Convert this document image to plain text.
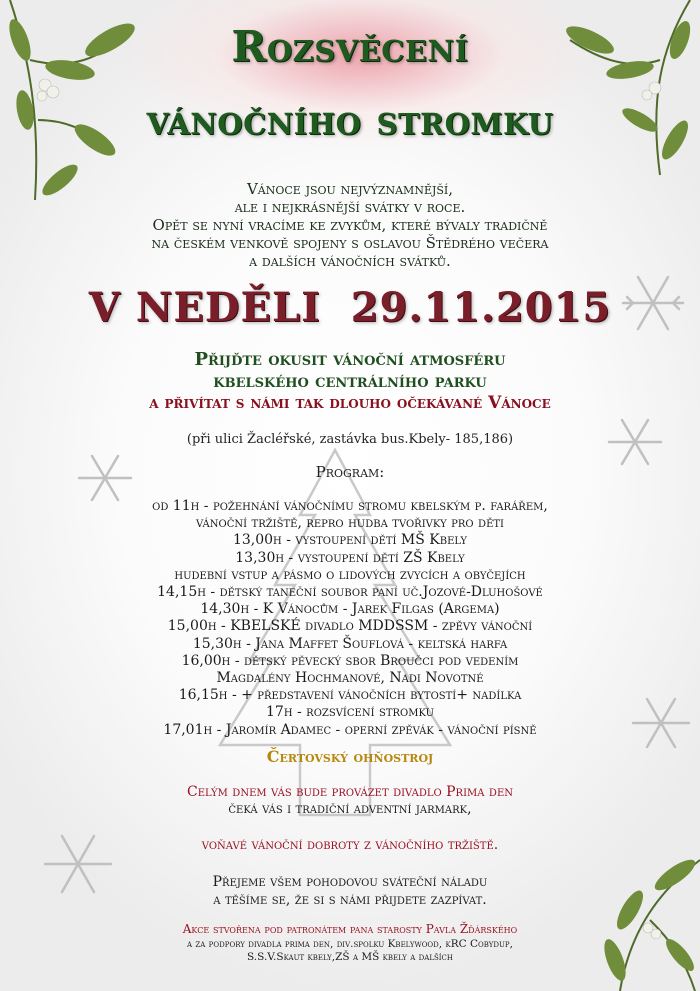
Rozsvěcení
vánočního stromku
Vánoce jsou nejvýznamnější,
ale i nejkrásnější svátky v roce.
Opět se nyní vracíme ke zvykům, které bývaly tradičně
na českém venkově spojeny s oslavou Štědrého večera
a dalších vánočních svátků.
V NEDĚLI  29.11.2015
Přijďte okusit vánoční atmosféru
kbelského centrálního parku
a přivítat s námi tak dlouho očekávané Vánoce
(při ulici Žacléřské, zastávka bus.Kbely- 185,186)
Program:
od 11h - požehnání vánočnímu stromu kbelským p. farářem,
vánoční tržiště, repro hudba tvořivky pro děti
13,00h - vystoupení dětí MŠ Kbely
13,30h - vystoupení dětí ZŠ Kbely
hudební vstup a pásmo o lidových zvycích a obyčejích
14,15h - dětský taneční soubor paní uč.Jozové-Dluhošové
14,30h - K Vánocům - Jarek Filgas (Argema)
15,00h - KBELSKÉ divadlo MDDSSM - zpěvy vánoční
15,30h - Jana Maffet Šouflová - keltská harfa
16,00h - dětský pěvecký sbor Broučci pod vedením
Magdalény Hochmanové, Nadi Novotné
16,15h - + představení vánočních bytostí+ nadílka
17h - rozsvícení stromku
17,01h - Jaromír Adamec - operní zpěvák - vánoční písně
Čertovský ohňostroj
Celým dnem vás bude provázet divadlo Prima den
čeká vás i tradiční adventní jarmark,
voňavé vánoční dobroty z vánočního tržiště.
Přejeme všem pohodovou sváteční náladu
a těšíme se, že si s námi přijdete zazpívat.
Akce stvořena pod patronátem pana starosty Pavla Žďárského
a za podpory divadla prima den, div.spolku Kbelywood, kRC Cobydup,
S.S.V.Skaut kbely,ZŠ a MŠ kbely a dalších
